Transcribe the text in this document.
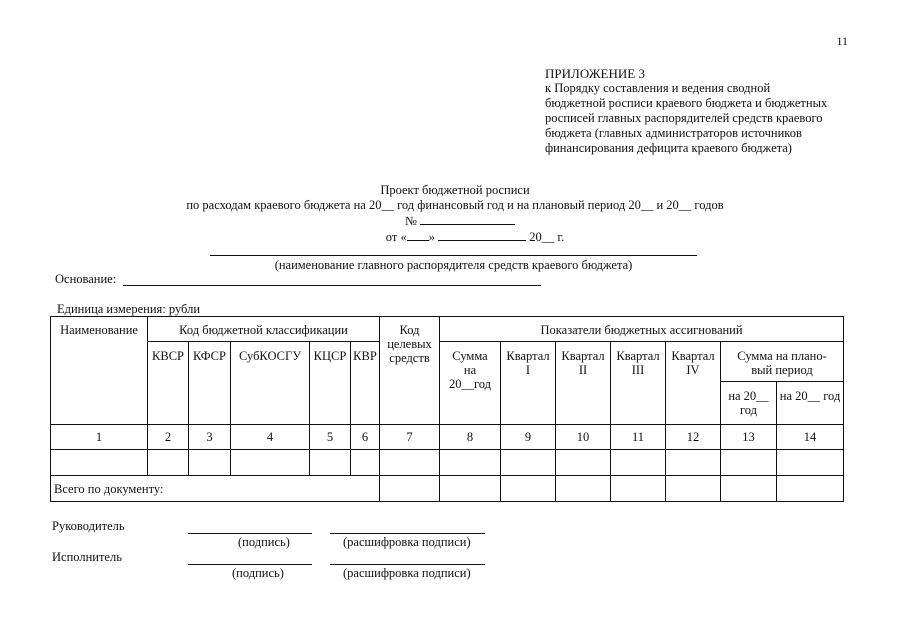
11
ПРИЛОЖЕНИЕ 3
к Порядку составления и ведения сводной
бюджетной росписи краевого бюджета и бюджетных
росписей главных распорядителей средств краевого
бюджета (главных администраторов источников
финансирования дефицита краевого бюджета)
Проект бюджетной росписи
по расходам краевого бюджета на 20__ год финансовый год и на плановый период 20__ и 20__ годов
№
от « »	20__ г.
(наименование главного распорядителя средств краевого бюджета)
Основание:
Единица измерения: рубли
Наименование	Код бюджетной классификации					Код целевых средств	Показатели бюджетных ассигнований						
	КВСР	КФСР	СубКОСГУ	КЦСР	КВР		Сумма на 20__год	Квартал I	Квартал II	Квартал III	Квартал IV	Сумма на плано-вый период	
												на 20__ год	на 20__ год
1	2	3	4	5	6	7	8	9	10	11	12	13	14

Всего по документу:													
Руководитель
(подпись)	(расшифровка подписи)
Исполнитель
(подпись)	(расшифровка подписи)
